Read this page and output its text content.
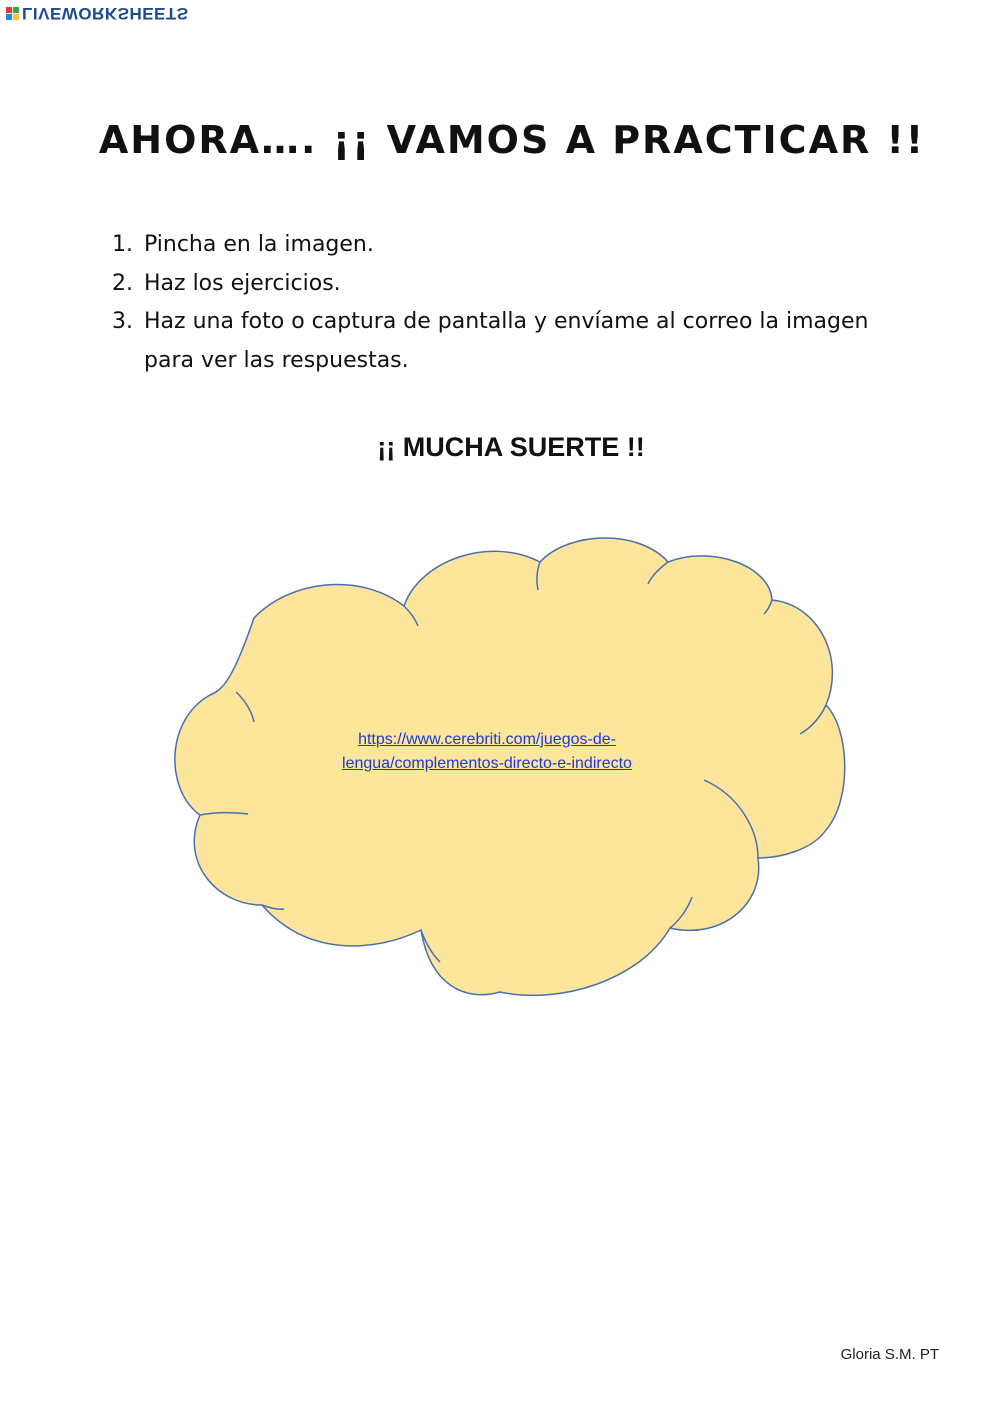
LIVEWORKSHEETS
AHORA…. ¡¡ VAMOS A PRACTICAR !!
1. Pincha en la imagen.
2. Haz los ejercicios.
3. Haz una foto o captura de pantalla y envíame al correo la imagen para ver las respuestas.
¡¡ MUCHA SUERTE !!
https://www.cerebriti.com/juegos-de-
lengua/complementos-directo-e-indirecto
Gloria S.M. PT
